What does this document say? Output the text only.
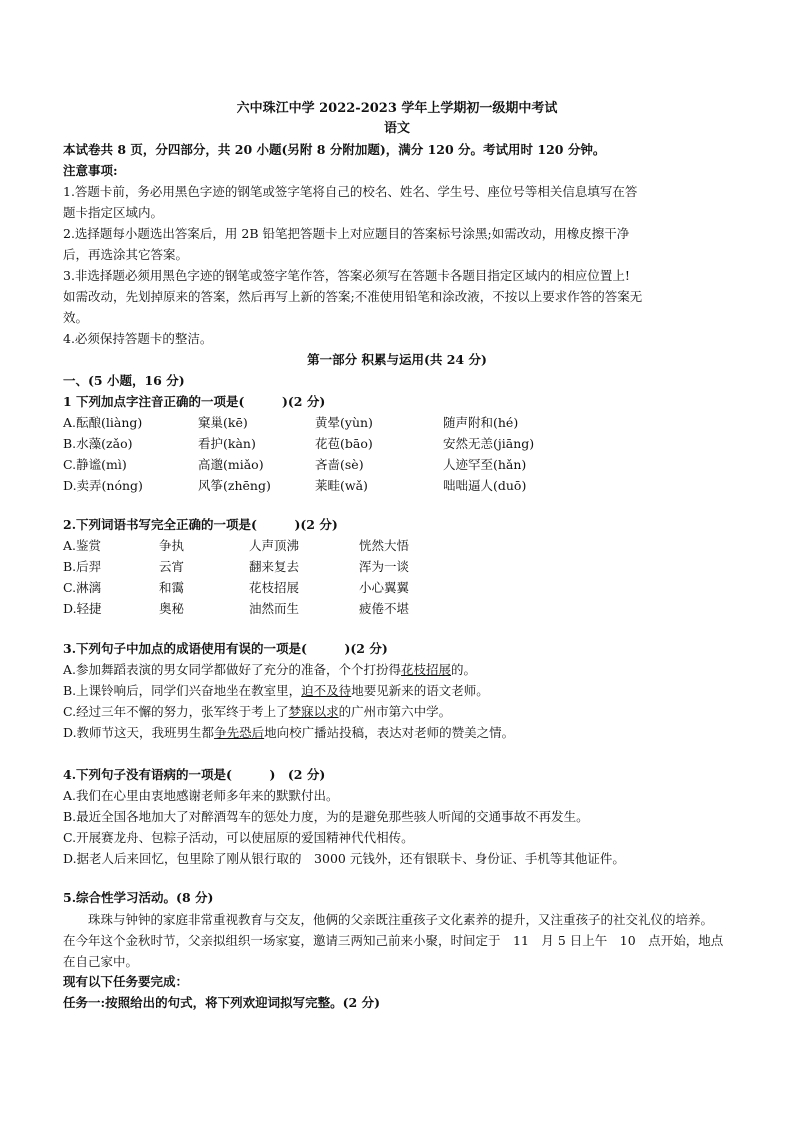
六中珠江中学 2022-2023 学年上学期初一级期中考试
语文
本试卷共 8 页，分四部分，共 20 小题(另附 8 分附加题)，满分 120 分。考试用时 120 分钟。
注意事项:
1.答题卡前，务必用黑色字迹的钢笔或签字笔将自己的校名、姓名、学生号、座位号等相关信息填写在答
题卡指定区域内。
2.选择题每小题选出答案后，用 2B 铅笔把答题卡上对应题目的答案标号涂黑;如需改动，用橡皮擦干净
后，再选涂其它答案。
3.非选择题必须用黑色字迹的钢笔或签字笔作答，答案必须写在答题卡各题目指定区域内的相应位置上!
如需改动，先划掉原来的答案，然后再写上新的答案;不准使用铅笔和涂改液，不按以上要求作答的答案无
效。
4.必须保持答题卡的整洁。
第一部分 积累与运用(共 24 分)
一、(5 小题，16 分)
1 下列加点字注音正确的一项是(　　　)(2 分)
A.酝酿(liàng)	窠巢(kē)	黄晕(yùn)	随声附和(hé)
B.水藻(zǎo)	看护(kàn)	花苞(bāo)	安然无恙(jiāng)
C.静谧(mì)	高邈(miǎo)	吝啬(sè)	人迹罕至(hǎn)
D.卖弄(nóng)	风筝(zhēng)	莱畦(wǎ)	咄咄逼人(duō)
2.下列词语书写完全正确的一项是(　　　)(2 分)
A.鉴赏	争执	人声顶沸	恍然大悟
B.后羿	云宵	翻来复去	浑为一谈
C.淋漓	和霭	花枝招展	小心翼翼
D.轻捷	奥秘	油然而生	疲倦不堪
3.下列句子中加点的成语使用有误的一项是(　　　)(2 分)
A.参加舞蹈表演的男女同学都做好了充分的准备，个个打扮得花枝招展的。
B.上课铃响后，同学们兴奋地坐在教室里，迫不及待地要见新来的语文老师。
C.经过三年不懈的努力，张军终于考上了梦寐以求的广州市第六中学。
D.教师节这天，我班男生都争先恐后地向校广播站投稿，表达对老师的赞美之情。
4.下列句子没有语病的一项是(　　　)　(2 分)
A.我们在心里由衷地感谢老师多年来的默默付出。
B.最近全国各地加大了对醉酒驾车的惩处力度，为的是避免那些骇人听闻的交通事故不再发生。
C.开展赛龙舟、包粽子活动，可以使屈原的爱国精神代代相传。
D.据老人后来回忆，包里除了刚从银行取的　3000 元钱外，还有银联卡、身份证、手机等其他证件。
5.综合性学习活动。(8 分)
珠珠与钟钟的家庭非常重视教育与交友，他俩的父亲既注重孩子文化素养的提升，又注重孩子的社交礼仪的培养。在今年这个金秋时节，父亲拟组织一场家宴，邀请三两知己前来小聚，时间定于　11　月 5 日上午　10　点开始，地点在自己家中。
现有以下任务要完成：
任务一:按照给出的句式，将下列欢迎词拟写完整。(2 分)
